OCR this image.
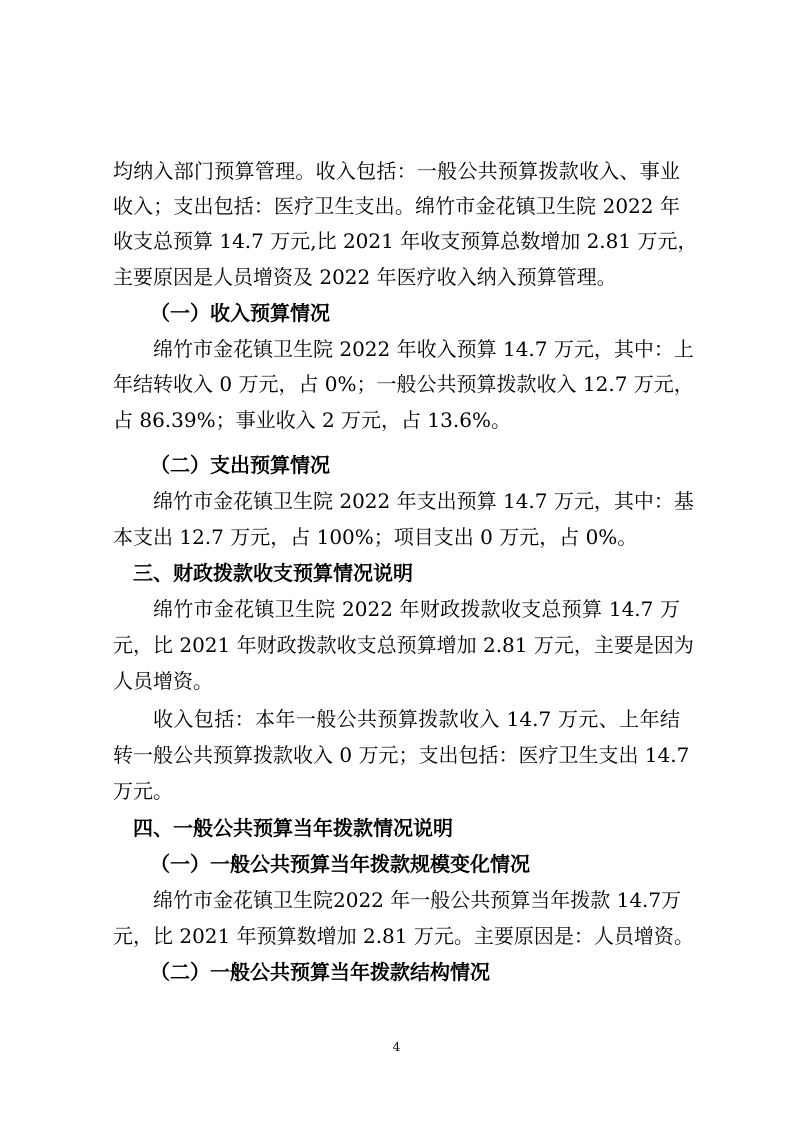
均纳入部门预算管理。收入包括：一般公共预算拨款收入、事业
收入；支出包括：医疗卫生支出。绵竹市金花镇卫生院 2022 年
收支总预算 14.7 万元,比 2021 年收支预算总数增加 2.81 万元，
主要原因是人员增资及 2022 年医疗收入纳入预算管理。
（一）收入预算情况
绵竹市金花镇卫生院 2022 年收入预算 14.7 万元，其中：上
年结转收入 0 万元，占 0%；一般公共预算拨款收入 12.7 万元，
占 86.39%；事业收入 2 万元，占 13.6%。
（二）支出预算情况
绵竹市金花镇卫生院 2022 年支出预算 14.7 万元，其中：基
本支出 12.7 万元，占 100%；项目支出 0 万元，占 0%。
三、财政拨款收支预算情况说明
绵竹市金花镇卫生院 2022 年财政拨款收支总预算 14.7 万
元，比 2021 年财政拨款收支总预算增加 2.81 万元，主要是因为
人员增资。
收入包括：本年一般公共预算拨款收入 14.7 万元、上年结
转一般公共预算拨款收入 0 万元；支出包括：医疗卫生支出 14.7
万元。
四、一般公共预算当年拨款情况说明
（一）一般公共预算当年拨款规模变化情况
绵竹市金花镇卫生院2022 年一般公共预算当年拨款 14.7万
元，比 2021 年预算数增加 2.81 万元。主要原因是：人员增资。
（二）一般公共预算当年拨款结构情况
4
